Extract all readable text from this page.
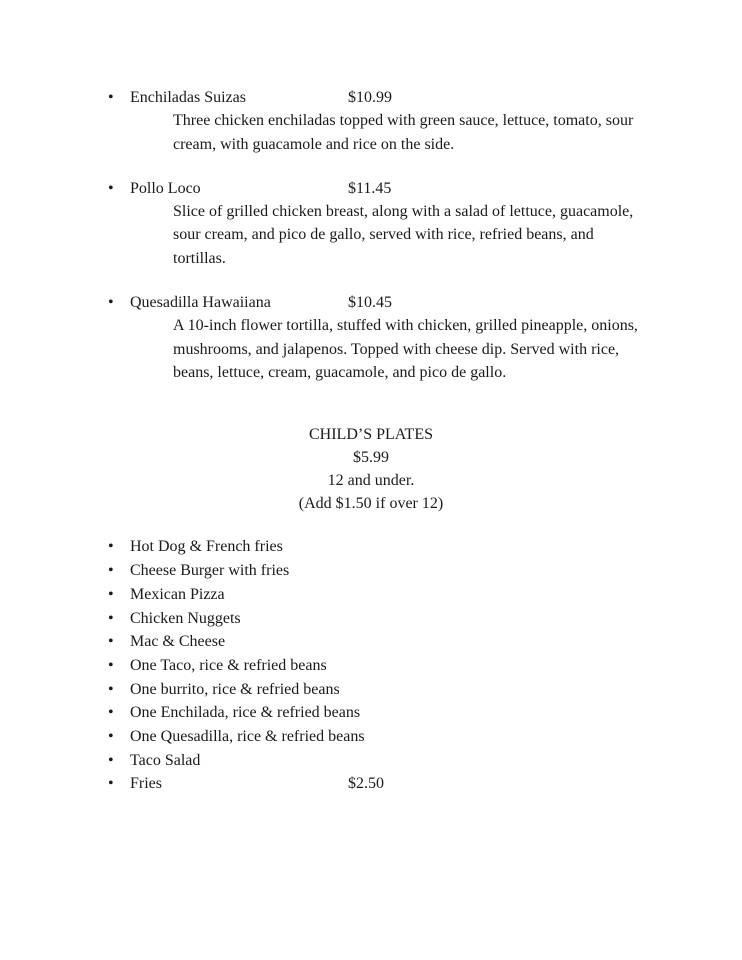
•	Enchiladas Suizas	$10.99
Three chicken enchiladas topped with green sauce, lettuce, tomato, sour cream, with guacamole and rice on the side.
•	Pollo Loco	$11.45
Slice of grilled chicken breast, along with a salad of lettuce, guacamole, sour cream, and pico de gallo, served with rice, refried beans, and tortillas.
•	Quesadilla Hawaiiana	$10.45
A 10-inch flower tortilla, stuffed with chicken, grilled pineapple, onions, mushrooms, and jalapenos. Topped with cheese dip. Served with rice, beans, lettuce, cream, guacamole, and pico de gallo.
CHILD’S PLATES
$5.99
12 and under.
(Add $1.50 if over 12)
•	Hot Dog & French fries
•	Cheese Burger with fries
•	Mexican Pizza
•	Chicken Nuggets
•	Mac & Cheese
•	One Taco, rice & refried beans
•	One burrito, rice & refried beans
•	One Enchilada, rice & refried beans
•	One Quesadilla, rice & refried beans
•	Taco Salad
•	Fries	$2.50
